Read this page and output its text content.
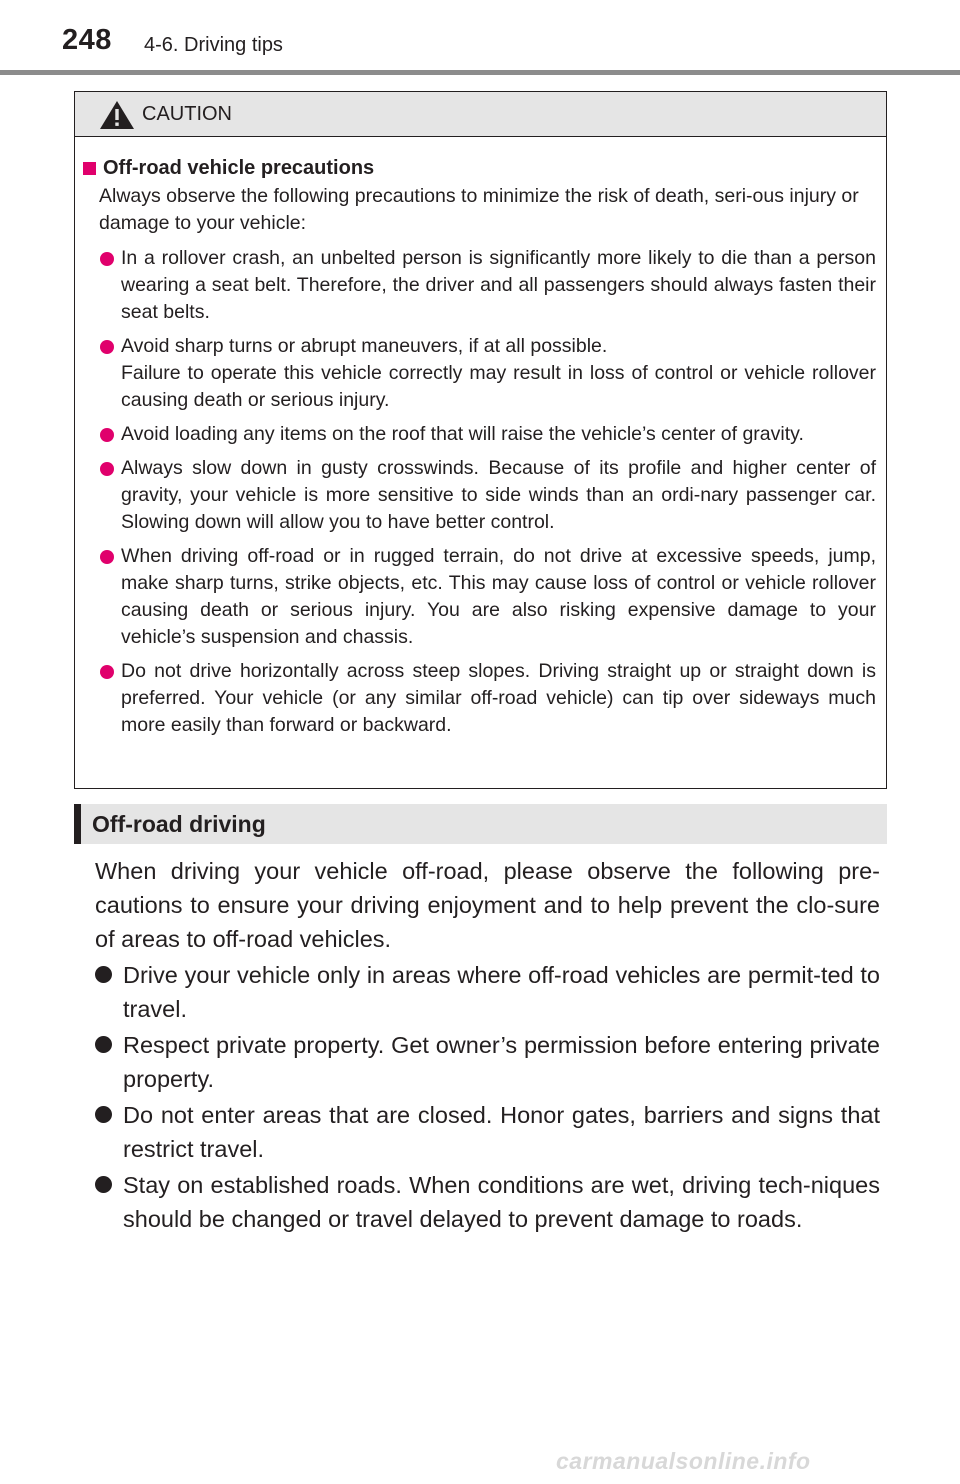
248 4-6. Driving tips
CAUTION
Off-road vehicle precautions

Always observe the following precautions to minimize the risk of death, seri-ous injury or damage to your vehicle:

In a rollover crash, an unbelted person is significantly more likely to die than a person wearing a seat belt. Therefore, the driver and all passengers should always fasten their seat belts.
Avoid sharp turns or abrupt maneuvers, if at all possible.
Failure to operate this vehicle correctly may result in loss of control or vehicle rollover causing death or serious injury.
Avoid loading any items on the roof that will raise the vehicle’s center of gravity.
Always slow down in gusty crosswinds. Because of its profile and higher center of gravity, your vehicle is more sensitive to side winds than an ordi-nary passenger car. Slowing down will allow you to have better control.
When driving off-road or in rugged terrain, do not drive at excessive speeds, jump, make sharp turns, strike objects, etc. This may cause loss of control or vehicle rollover causing death or serious injury. You are also risking expensive damage to your vehicle’s suspension and chassis.
Do not drive horizontally across steep slopes. Driving straight up or straight down is preferred. Your vehicle (or any similar off-road vehicle) can tip over sideways much more easily than forward or backward.
Off-road driving

When driving your vehicle off-road, please observe the following pre-cautions to ensure your driving enjoyment and to help prevent the clo-sure of areas to off-road vehicles.

Drive your vehicle only in areas where off-road vehicles are permit-ted to travel.
Respect private property. Get owner’s permission before entering private property.
Do not enter areas that are closed. Honor gates, barriers and signs that restrict travel.
Stay on established roads. When conditions are wet, driving tech-niques should be changed or travel delayed to prevent damage to roads.
carmanualsonline.info
